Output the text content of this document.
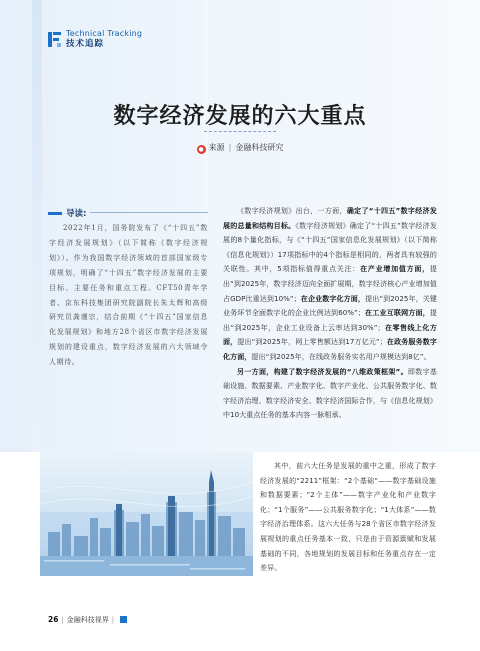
Technical Tracking
技术追踪
数字经济发展的六大重点
● 来源 | 金融科技研究
导读:
2022年1月，国务院发布了《“十四五”数字经济发展规划》（以下简称《数字经济规划》）。作为我国数字经济领域的首部国家级专项规划，明确了“十四五”数字经济发展的主要目标、主要任务和重点工程。CFT50青年学者、京东科技集团研究院副院长朱太辉和高级研究员龚谨宗，结合前期《“十四五”国家信息化发展规划》和地方28个省区市数字经济发展规划的建设重点，数字经济发展的六大领域令人期待。

《数字经济规划》出台，一方面，确定了“十四五”数字经济发展的总量和结构目标。《数字经济规划》确定了“十四五”数字经济发展的8个量化指标，与《“十四五”国家信息化发展规划》（以下简称《信息化规划》）17项指标中的4个指标是相同的，两者具有较强的关联性。其中，5项指标值得重点关注：在产业增加值方面，提出“到2025年，数字经济迈向全面扩展期，数字经济核心产业增加值占GDP比重达到10%”；在企业数字化方面，提出“到2025年，关键业务环节全面数字化的企业比例达到60%”；在工业互联网方面，提出“到2025年，企业工业设备上云率达到30%”；在零售线上化方面，提出“到2025年，网上零售额达到17万亿元”；在政务服务数字化方面，提出“到2025年，在线政务服务实名用户规模达到8亿”。

另一方面，构建了数字经济发展的“八维政策框架”。即数字基础设施、数据要素、产业数字化、数字产业化、公共服务数字化、数字经济治理、数字经济安全、数字经济国际合作，与《信息化规划》中10大重点任务的基本内容一脉相承。

其中，前六大任务是发展的重中之重，形成了数字经济发展的“2211”框架：“2个基础”——数字基础设施和数据要素；“2个主体”——数字产业化和产业数字化；“1个服务”——公共服务数字化；“1大体系”——数字经济治理体系。这六大任务与28个省区市数字经济发展规划的重点任务基本一致，只是由于资源禀赋和发展基础的不同，各地规划的发展目标和任务重点存在一定差异。

26 | 金融科技视界 |
